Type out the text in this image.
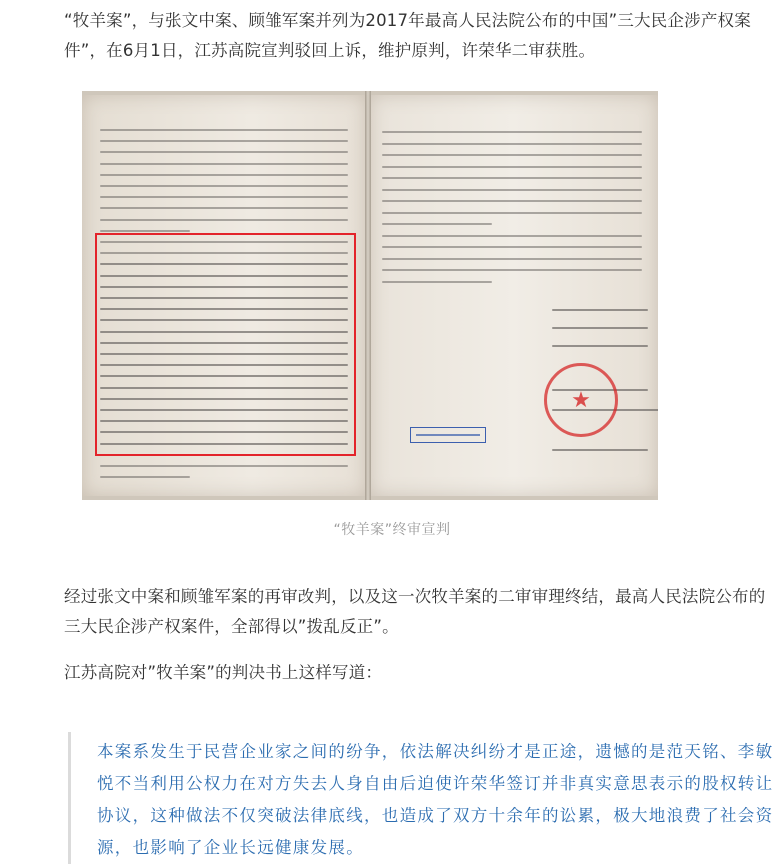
“牧羊案”，与张文中案、顾雏军案并列为2017年最高人民法院公布的中国”三大民企涉产权案件”，在6月1日，江苏高院宣判驳回上诉，维护原判，许荣华二审获胜。

★
“牧羊案”终审宣判

经过张文中案和顾雏军案的再审改判，以及这一次牧羊案的二审审理终结，最高人民法院公布的三大民企涉产权案件，全部得以”拨乱反正”。

江苏高院对”牧羊案”的判决书上这样写道：

本案系发生于民营企业家之间的纷争，依法解决纠纷才是正途，遗憾的是范天铭、李敏悦不当利用公权力在对方失去人身自由后迫使许荣华签订并非真实意思表示的股权转让协议，这种做法不仅突破法律底线，也造成了双方十余年的讼累，极大地浪费了社会资源，也影响了企业长远健康发展。
